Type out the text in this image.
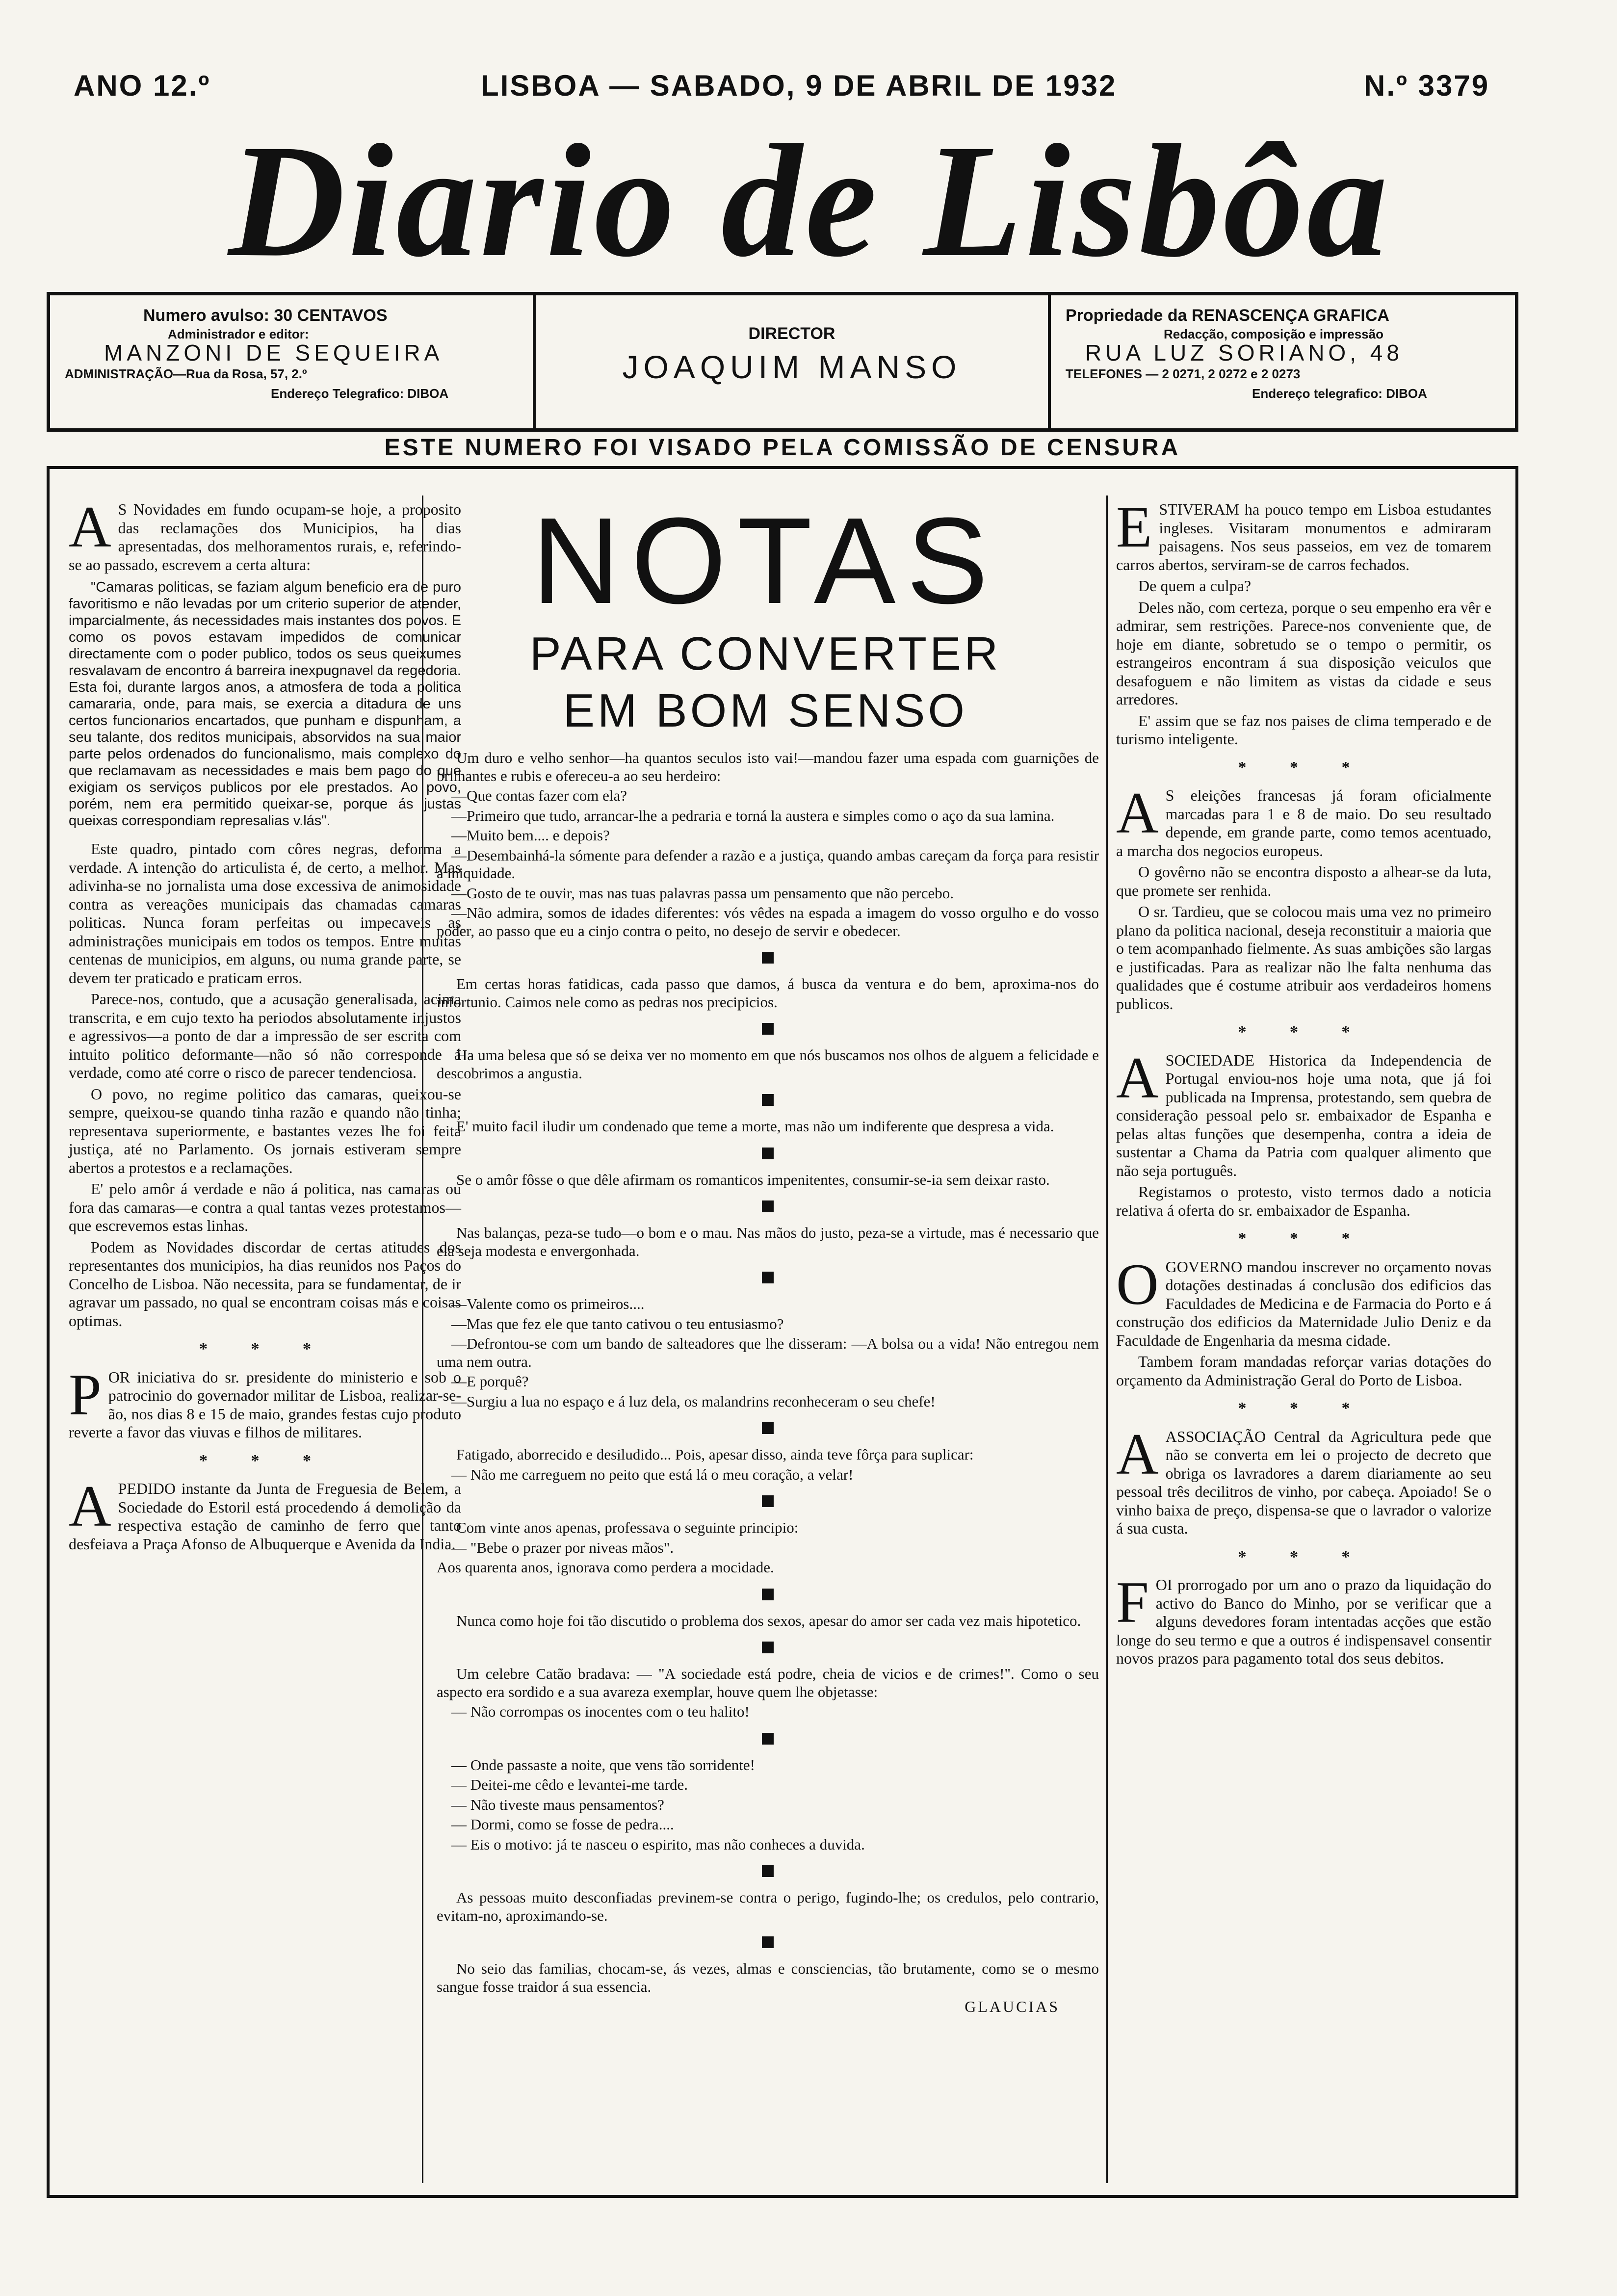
ANO 12.º	LISBOA — SABADO, 9 DE ABRIL DE 1932	N.º 3379
Diario de Lisbôa
Numero avulso: 30 CENTAVOS
Administrador e editor:
MANZONI DE SEQUEIRA
ADMINISTRAÇÃO—Rua da Rosa, 57, 2.º
Endereço Telegrafico: DIBOA
DIRECTOR
JOAQUIM MANSO
Propriedade da RENASCENÇA GRAFICA
Redacção, composição e impressão
RUA LUZ SORIANO, 48
TELEFONES — 2 0271, 2 0272 e 2 0273
Endereço telegrafico: DIBOA
ESTE NUMERO FOI VISADO PELA COMISSÃO DE CENSURA

A S Novidades em fundo ocupam-se hoje, a proposito das reclamações dos Municipios, ha dias apresentadas, dos melhoramentos rurais, e, referindo-se ao passado, escrevem a certa altura:

"Camaras politicas, se faziam algum beneficio era de puro favoritismo e não levadas por um criterio superior de atender, imparcialmente, ás necessidades mais instantes dos povos. E como os povos estavam impedidos de comunicar directamente com o poder publico, todos os seus queixumes resvalavam de encontro á barreira inexpugnavel da regedoria. Esta foi, durante largos anos, a atmosfera de toda a politica camararia, onde, para mais, se exercia a ditadura de uns certos funcionarios encartados, que punham e dispunham, a seu talante, dos reditos municipais, absorvidos na sua maior parte pelos ordenados do funcionalismo, mais complexo do que reclamavam as necessidades e mais bem pago do que exigiam os serviços publicos por ele prestados. Ao povo, porém, nem era permitido queixar-se, porque ás justas queixas correspondiam represalias v.lás".

Este quadro, pintado com côres negras, deforma a verdade. A intenção do articulista é, de certo, a melhor. Mas adivinha-se no jornalista uma dose excessiva de animosidade contra as vereações municipais das chamadas camaras politicas. Nunca foram perfeitas ou impecaveis as administrações municipais em todos os tempos. Entre muitas centenas de municipios, em alguns, ou numa grande parte, se devem ter praticado e praticam erros.

Parece-nos, contudo, que a acusação generalisada, acima transcrita, e em cujo texto ha periodos absolutamente injustos e agressivos—a ponto de dar a impressão de ser escrita com intuito politico deformante—não só não corresponde á verdade, como até corre o risco de parecer tendenciosa.

O povo, no regime politico das camaras, queixou-se sempre, queixou-se quando tinha razão e quando não tinha; representava superiormente, e bastantes vezes lhe foi feita justiça, até no Parlamento. Os jornais estiveram sempre abertos a protestos e a reclamações.

E' pelo amôr á verdade e não á politica, nas camaras ou fora das camaras—e contra a qual tantas vezes protestamos—que escrevemos estas linhas.

Podem as Novidades discordar de certas atitudes dos representantes dos municipios, ha dias reunidos nos Paços do Concelho de Lisboa. Não necessita, para se fundamentar, de ir agravar um passado, no qual se encontram coisas más e coisas optimas.

* * *

POR iniciativa do sr. presidente do ministerio e sob o patrocinio do governador militar de Lisboa, realizar-se-ão, nos dias 8 e 15 de maio, grandes festas cujo produto reverte a favor das viuvas e filhos de militares.

* * *

APEDIDO instante da Junta de Freguesia de Belem, a Sociedade do Estoril está procedendo á demolição da respectiva estação de caminho de ferro que tanto desfeiava a Praça Afonso de Albuquerque e Avenida da India.

NOTAS
PARA CONVERTER
EM BOM SENSO

Um duro e velho senhor—ha quantos seculos isto vai!—mandou fazer uma espada com guarnições de brilhantes e rubis e ofereceu-a ao seu herdeiro:

—Que contas fazer com ela?

—Primeiro que tudo, arrancar-lhe a pedraria e torná la austera e simples como o aço da sua lamina.

—Muito bem.... e depois?

—Desembainhá-la sómente para defender a razão e a justiça, quando ambas careçam da força para resistir a iniquidade.

—Gosto de te ouvir, mas nas tuas palavras passa um pensamento que não percebo.

—Não admira, somos de idades diferentes: vós vêdes na espada a imagem do vosso orgulho e do vosso poder, ao passo que eu a cinjo contra o peito, no desejo de servir e obedecer.

Em certas horas fatidicas, cada passo que damos, á busca da ventura e do bem, aproxima-nos do infortunio. Caimos nele como as pedras nos precipicios.

Ha uma belesa que só se deixa ver no momento em que nós buscamos nos olhos de alguem a felicidade e descobrimos a angustia.

E' muito facil iludir um condenado que teme a morte, mas não um indiferente que despresa a vida.

Se o amôr fôsse o que dêle afirmam os romanticos impenitentes, consumir-se-ia sem deixar rasto.

Nas balanças, peza-se tudo—o bom e o mau. Nas mãos do justo, peza-se a virtude, mas é necessario que ela seja modesta e envergonhada.

—Valente como os primeiros....

—Mas que fez ele que tanto cativou o teu entusiasmo?

—Defrontou-se com um bando de salteadores que lhe disseram: —A bolsa ou a vida! Não entregou nem uma nem outra.

—E porquê?

—Surgiu a lua no espaço e á luz dela, os malandrins reconheceram o seu chefe!

Fatigado, aborrecido e desiludido... Pois, apesar disso, ainda teve fôrça para suplicar:

— Não me carreguem no peito que está lá o meu coração, a velar!

Com vinte anos apenas, professava o seguinte principio:

— "Bebe o prazer por niveas mãos".

Aos quarenta anos, ignorava como perdera a mocidade.

Nunca como hoje foi tão discutido o problema dos sexos, apesar do amor ser cada vez mais hipotetico.

Um celebre Catão bradava: — "A sociedade está podre, cheia de vicios e de crimes!". Como o seu aspecto era sordido e a sua avareza exemplar, houve quem lhe objetasse:

— Não corrompas os inocentes com o teu halito!

— Onde passaste a noite, que vens tão sorridente!

— Deitei-me cêdo e levantei-me tarde.

— Não tiveste maus pensamentos?

— Dormi, como se fosse de pedra....

— Eis o motivo: já te nasceu o espirito, mas não conheces a duvida.

As pessoas muito desconfiadas previnem-se contra o perigo, fugindo-lhe; os credulos, pelo contrario, evitam-no, aproximando-se.

No seio das familias, chocam-se, ás vezes, almas e consciencias, tão brutamente, como se o mesmo sangue fosse traidor á sua essencia.

GLAUCIAS

ESTIVERAM ha pouco tempo em Lisboa estudantes ingleses. Visitaram monumentos e admiraram paisagens. Nos seus passeios, em vez de tomarem carros abertos, serviram-se de carros fechados.

De quem a culpa?

Deles não, com certeza, porque o seu empenho era vêr e admirar, sem restrições. Parece-nos conveniente que, de hoje em diante, sobretudo se o tempo o permitir, os estrangeiros encontram á sua disposição veiculos que desafoguem e não limitem as vistas da cidade e seus arredores.

E' assim que se faz nos paises de clima temperado e de turismo inteligente.

* * *

A S eleições francesas já foram oficialmente marcadas para 1 e 8 de maio. Do seu resultado depende, em grande parte, como temos acentuado, a marcha dos negocios europeus.

O govêrno não se encontra disposto a alhear-se da luta, que promete ser renhida.

O sr. Tardieu, que se colocou mais uma vez no primeiro plano da politica nacional, deseja reconstituir a maioria que o tem acompanhado fielmente. As suas ambições são largas e justificadas. Para as realizar não lhe falta nenhuma das qualidades que é costume atribuir aos verdadeiros homens publicos.

* * *

ASOCIEDADE Historica da Independencia de Portugal enviou-nos hoje uma nota, que já foi publicada na Imprensa, protestando, sem quebra de consideração pessoal pelo sr. embaixador de Espanha e pelas altas funções que desempenha, contra a ideia de sustentar a Chama da Patria com qualquer alimento que não seja português.

Registamos o protesto, visto termos dado a noticia relativa á oferta do sr. embaixador de Espanha.

* * *

OGOVERNO mandou inscrever no orçamento novas dotações destinadas á conclusão dos edificios das Faculdades de Medicina e de Farmacia do Porto e á construção dos edificios da Maternidade Julio Deniz e da Faculdade de Engenharia da mesma cidade.

Tambem foram mandadas reforçar varias dotações do orçamento da Administração Geral do Porto de Lisboa.

* * *

AASSOCIAÇÃO Central da Agricultura pede que não se converta em lei o projecto de decreto que obriga os lavradores a darem diariamente ao seu pessoal três decilitros de vinho, por cabeça. Apoiado! Se o vinho baixa de preço, dispensa-se que o lavrador o valorize á sua custa.

* * *

FOI prorrogado por um ano o prazo da liquidação do activo do Banco do Minho, por se verificar que a alguns devedores foram intentadas acções que estão longe do seu termo e que a outros é indispensavel consentir novos prazos para pagamento total dos seus debitos.
